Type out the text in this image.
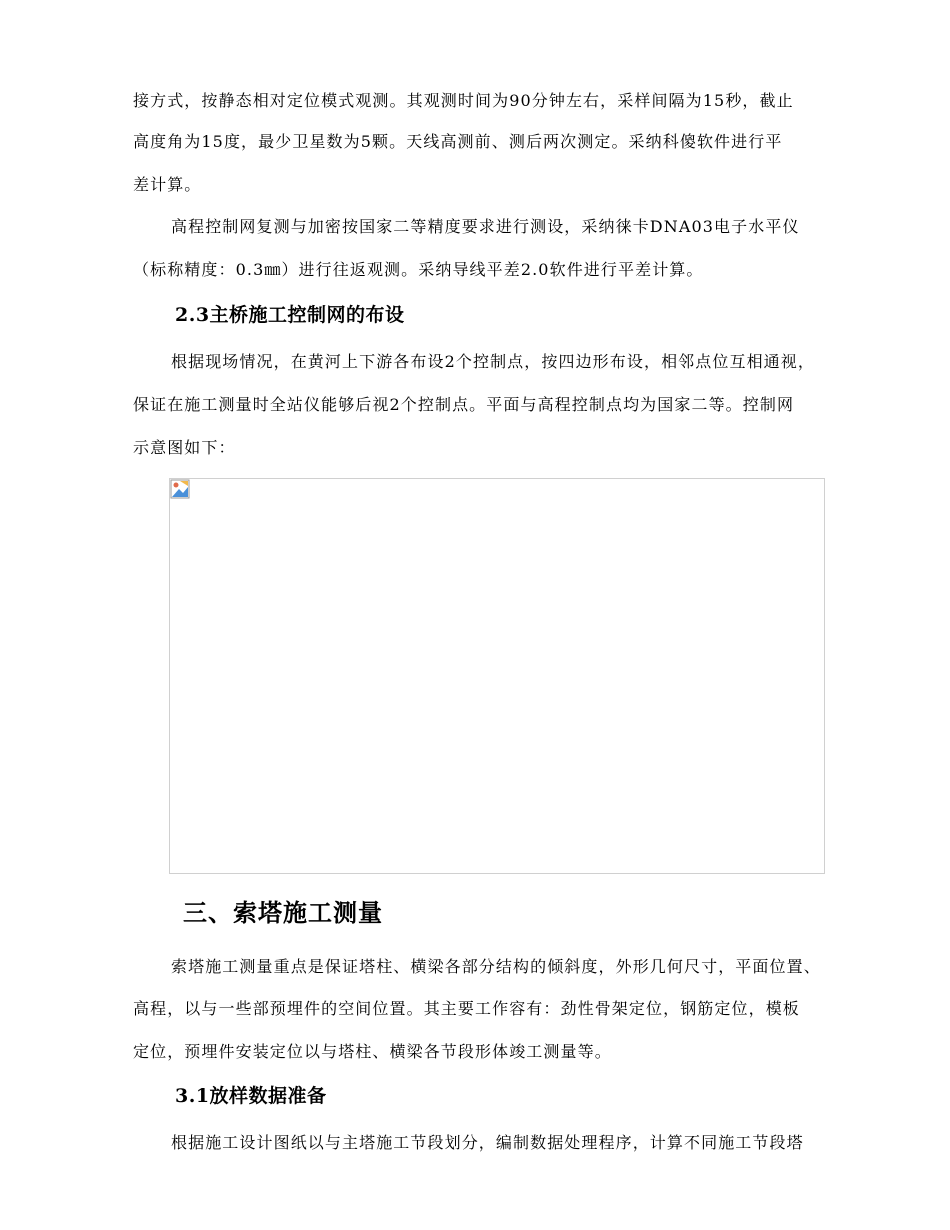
接方式，按静态相对定位模式观测。其观测时间为90分钟左右，采样间隔为15秒，截止
高度角为15度，最少卫星数为5颗。天线高测前、测后两次测定。采纳科傻软件进行平
差计算。
高程控制网复测与加密按国家二等精度要求进行测设，采纳徕卡DNA03电子水平仪
（标称精度：0.3㎜）进行往返观测。采纳导线平差2.0软件进行平差计算。
2.3主桥施工控制网的布设
根据现场情况，在黄河上下游各布设2个控制点，按四边形布设，相邻点位互相通视，
保证在施工测量时全站仪能够后视2个控制点。平面与高程控制点均为国家二等。控制网
示意图如下：
三、索塔施工测量
索塔施工测量重点是保证塔柱、横梁各部分结构的倾斜度，外形几何尺寸，平面位置、
高程，以与一些部预埋件的空间位置。其主要工作容有：劲性骨架定位，钢筋定位，模板
定位，预埋件安装定位以与塔柱、横梁各节段形体竣工测量等。
3.1放样数据准备
根据施工设计图纸以与主塔施工节段划分，编制数据处理程序，计算不同施工节段塔
